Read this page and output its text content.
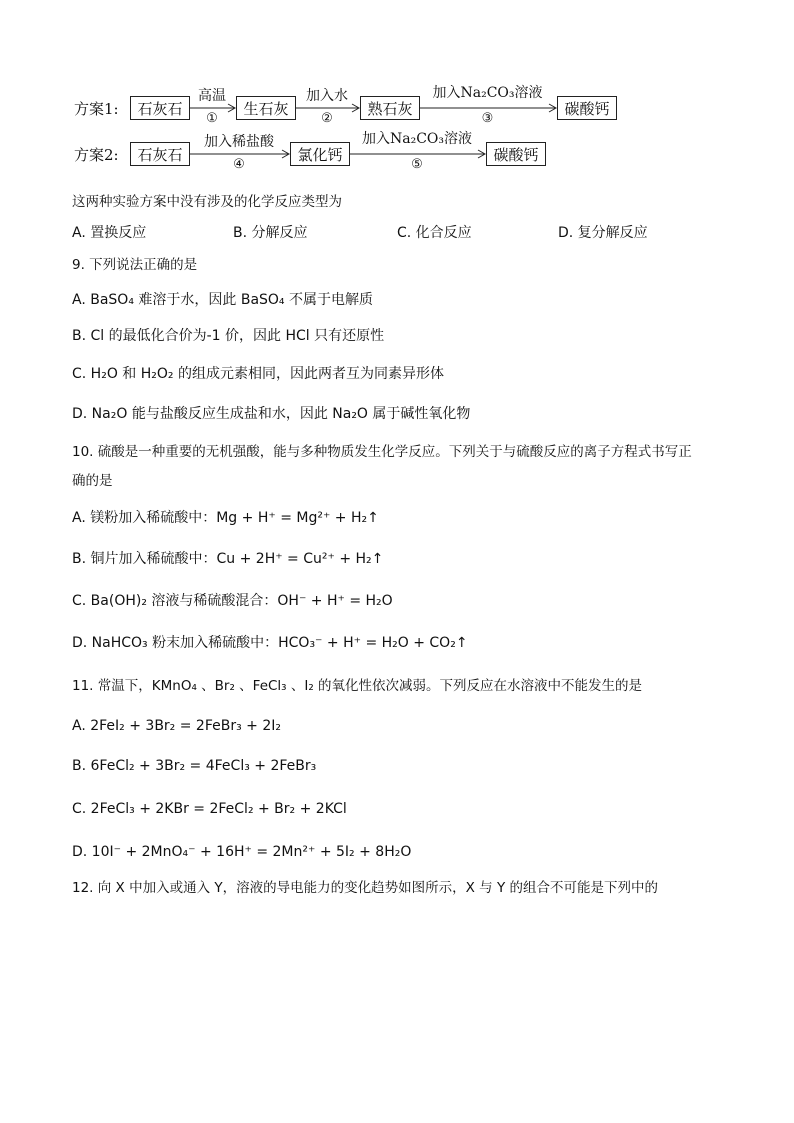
方案1:	石灰石	生石灰	熟石灰	碳酸钙
高温	加入水	加入Na₂CO₃溶液
①	②	③
方案2:	石灰石	氯化钙	碳酸钙
加入稀盐酸	加入Na₂CO₃溶液
④	⑤
这两种实验方案中没有涉及的化学反应类型为
A. 置换反应	B. 分解反应	C. 化合反应	D. 复分解反应
9. 下列说法正确的是
A. BaSO₄ 难溶于水，因此 BaSO₄ 不属于电解质
B. Cl 的最低化合价为-1 价，因此 HCl 只有还原性
C. H₂O 和 H₂O₂ 的组成元素相同，因此两者互为同素异形体
D. Na₂O 能与盐酸反应生成盐和水，因此 Na₂O 属于碱性氧化物
10. 硫酸是一种重要的无机强酸，能与多种物质发生化学反应。下列关于与硫酸反应的离子方程式书写正
确的是
A. 镁粉加入稀硫酸中：Mg + H⁺ = Mg²⁺ + H₂↑
B. 铜片加入稀硫酸中：Cu + 2H⁺ = Cu²⁺ + H₂↑
C. Ba(OH)₂ 溶液与稀硫酸混合：OH⁻ + H⁺ = H₂O
D. NaHCO₃ 粉末加入稀硫酸中：HCO₃⁻ + H⁺ = H₂O + CO₂↑
11. 常温下，KMnO₄ 、Br₂ 、FeCl₃ 、I₂ 的氧化性依次减弱。下列反应在水溶液中不能发生的是
A. 2FeI₂ + 3Br₂ = 2FeBr₃ + 2I₂
B. 6FeCl₂ + 3Br₂ = 4FeCl₃ + 2FeBr₃
C. 2FeCl₃ + 2KBr = 2FeCl₂ + Br₂ + 2KCl
D. 10I⁻ + 2MnO₄⁻ + 16H⁺ = 2Mn²⁺ + 5I₂ + 8H₂O
12. 向 X 中加入或通入 Y，溶液的导电能力的变化趋势如图所示，X 与 Y 的组合不可能是下列中的
